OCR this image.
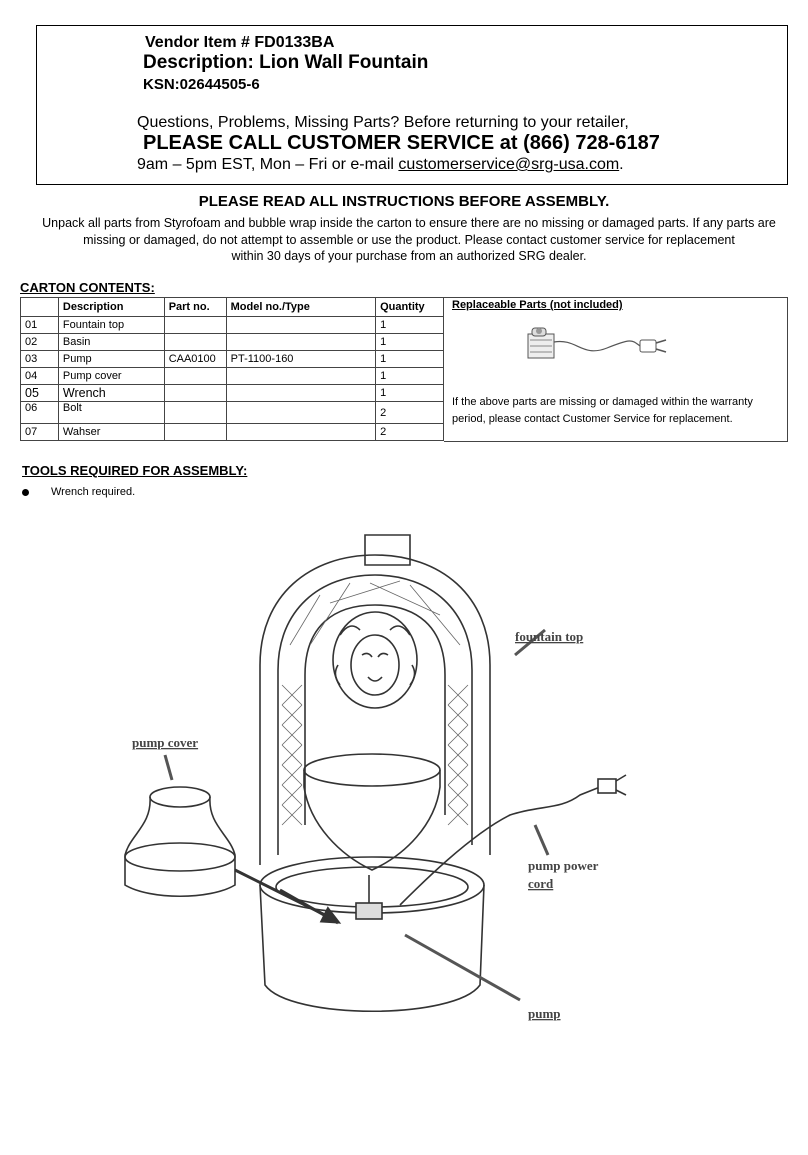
Vendor Item # FD0133BA
Description: Lion Wall Fountain
KSN:02644505-6
Questions, Problems, Missing Parts? Before returning to your retailer,
PLEASE CALL CUSTOMER SERVICE at (866) 728-6187
9am – 5pm EST, Mon – Fri or e-mail customerservice@srg-usa.com.
PLEASE READ ALL INSTRUCTIONS BEFORE ASSEMBLY.
Unpack all parts from Styrofoam and bubble wrap inside the carton to ensure there are no missing or damaged parts. If any parts are
missing or damaged, do not attempt to assemble or use the product. Please contact customer service for replacement
within 30 days of your purchase from an authorized SRG dealer.
CARTON CONTENTS:
	Description	Part no.	Model no./Type	Quantity
01	Fountain top			1
02	Basin			1
03	Pump	CAA0100	PT-1100-160	1
04	Pump cover			1
05	Wrench			1
06	Bolt			2
07	Wahser			2
Replaceable Parts (not included)
If the above parts are missing or damaged within the warranty period, please contact Customer Service for replacement.
TOOLS REQUIRED FOR ASSEMBLY:
Wrench required.
fountain top
pump cover
pump power
cord
pump
